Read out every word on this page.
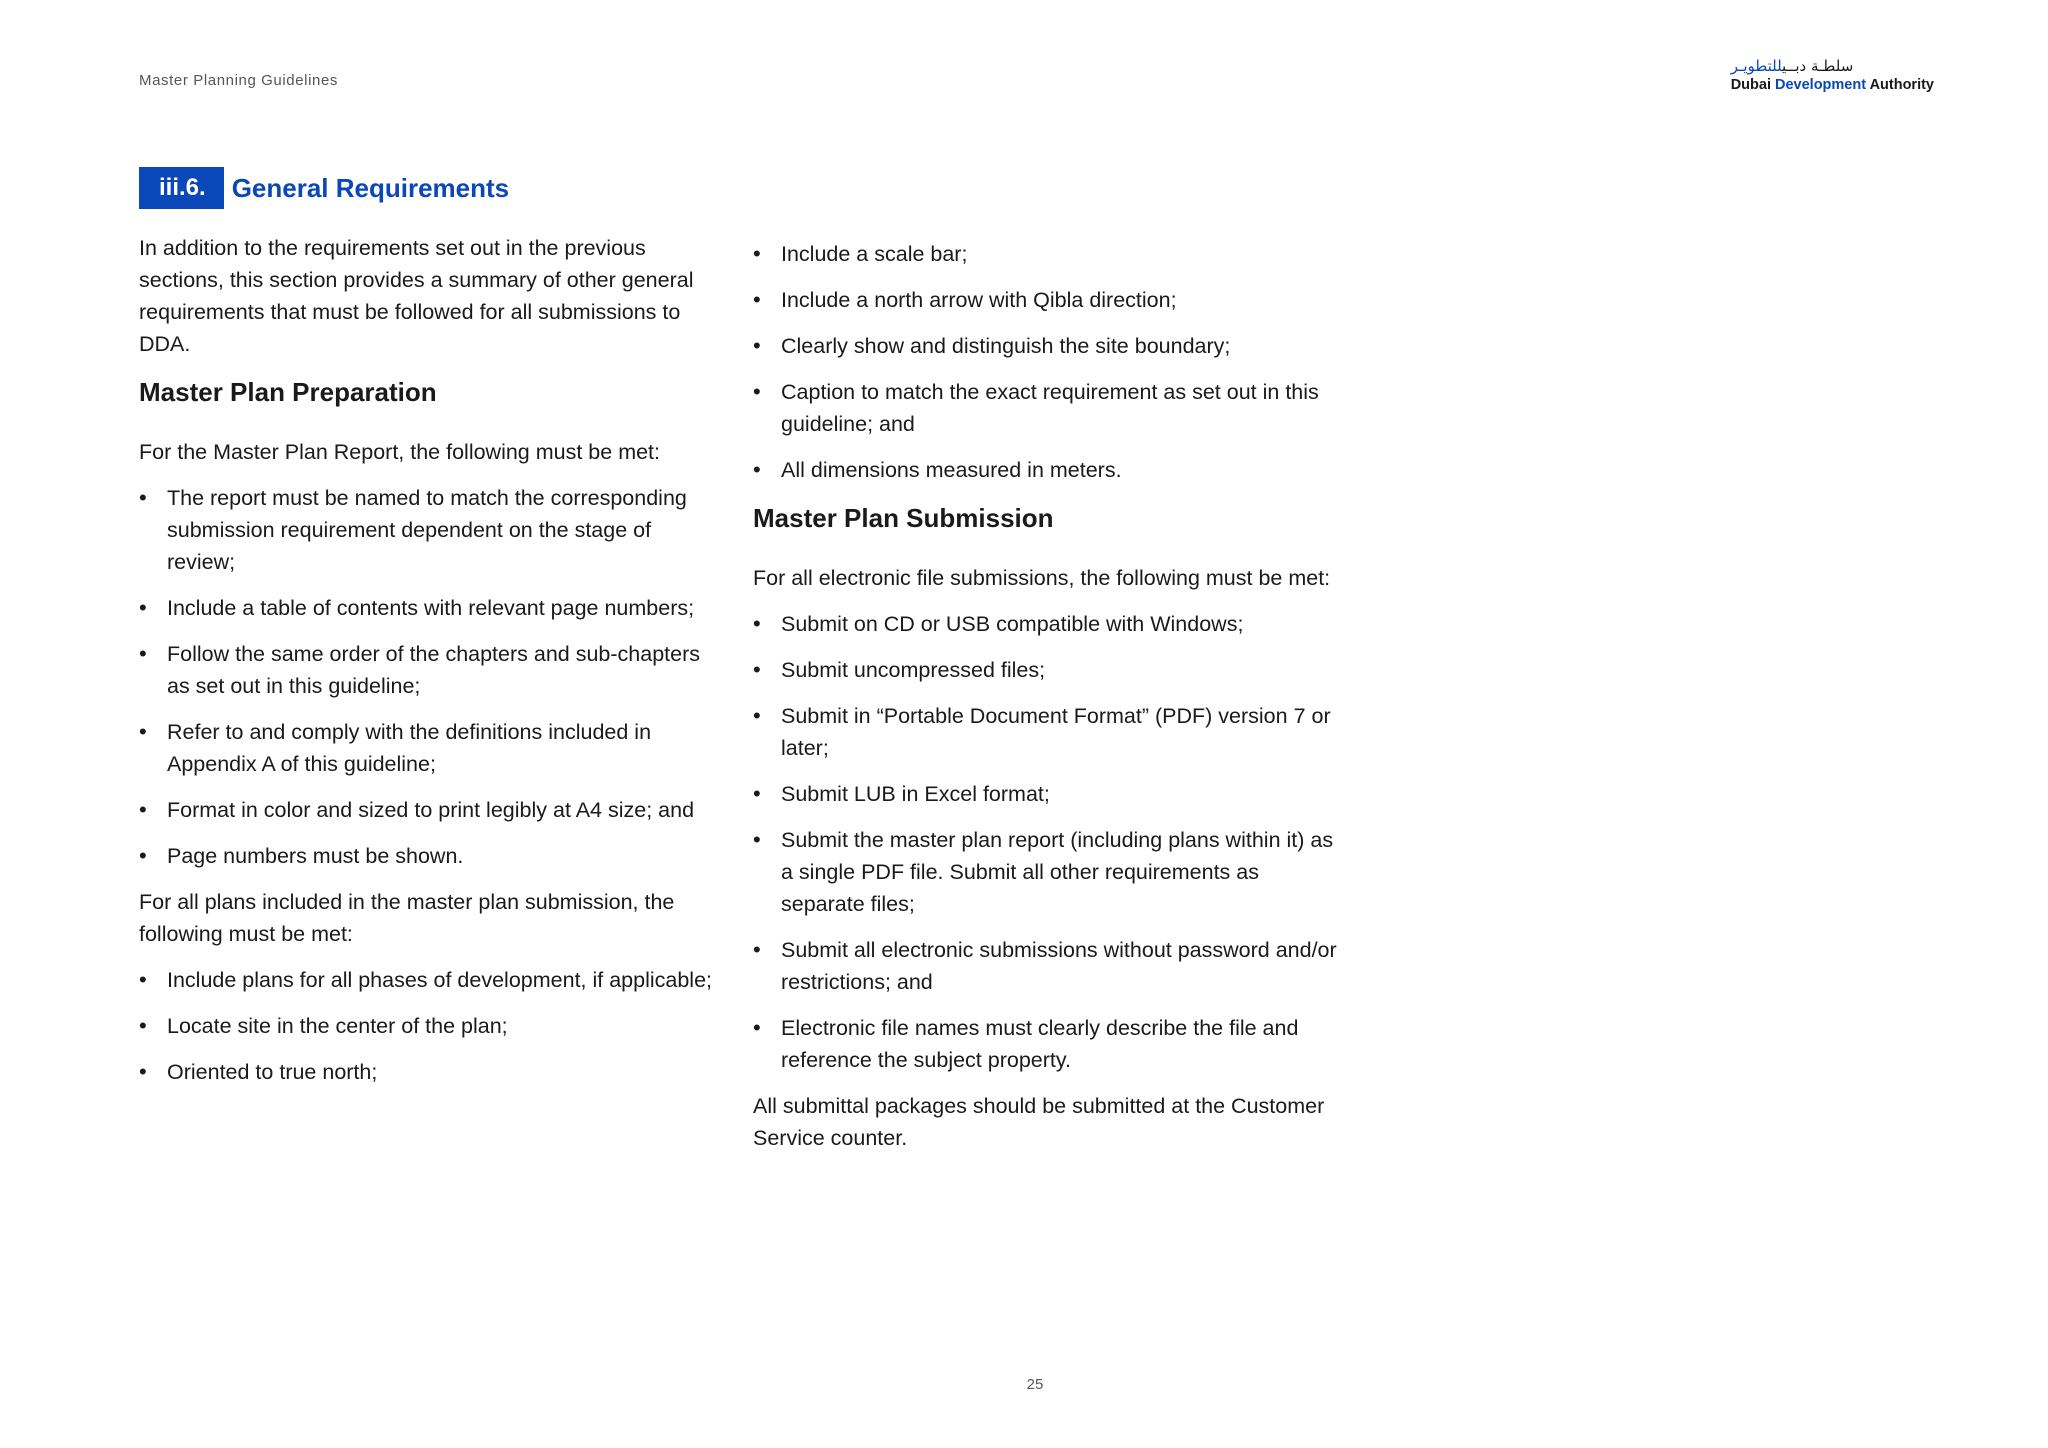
Master Planning Guidelines
سلطـة دبــيللتطويـر
Dubai Development Authority
iii.6.	General Requirements

In addition to the requirements set out in the previous sections, this section provides a summary of other general requirements that must be followed for all submissions to DDA.

Master Plan Preparation

For the Master Plan Report, the following must be met:

• The report must be named to match the corresponding submission requirement dependent on the stage of review;
• Include a table of contents with relevant page numbers;
• Follow the same order of the chapters and sub-chapters as set out in this guideline;
• Refer to and comply with the definitions included in Appendix A of this guideline;
• Format in color and sized to print legibly at A4 size; and
• Page numbers must be shown.

For all plans included in the master plan submission, the following must be met:

• Include plans for all phases of development, if applicable;
• Locate site in the center of the plan;
• Oriented to true north;
• Include a scale bar;
• Include a north arrow with Qibla direction;
• Clearly show and distinguish the site boundary;
• Caption to match the exact requirement as set out in this guideline; and
• All dimensions measured in meters.
Master Plan Submission

For all electronic file submissions, the following must be met:

• Submit on CD or USB compatible with Windows;
• Submit uncompressed files;
• Submit in “Portable Document Format” (PDF) version 7 or later;
• Submit LUB in Excel format;
• Submit the master plan report (including plans within it) as a single PDF file. Submit all other requirements as separate files;
• Submit all electronic submissions without password and/or restrictions; and
• Electronic file names must clearly describe the file and reference the subject property.

All submittal packages should be submitted at the Customer Service counter.

25
